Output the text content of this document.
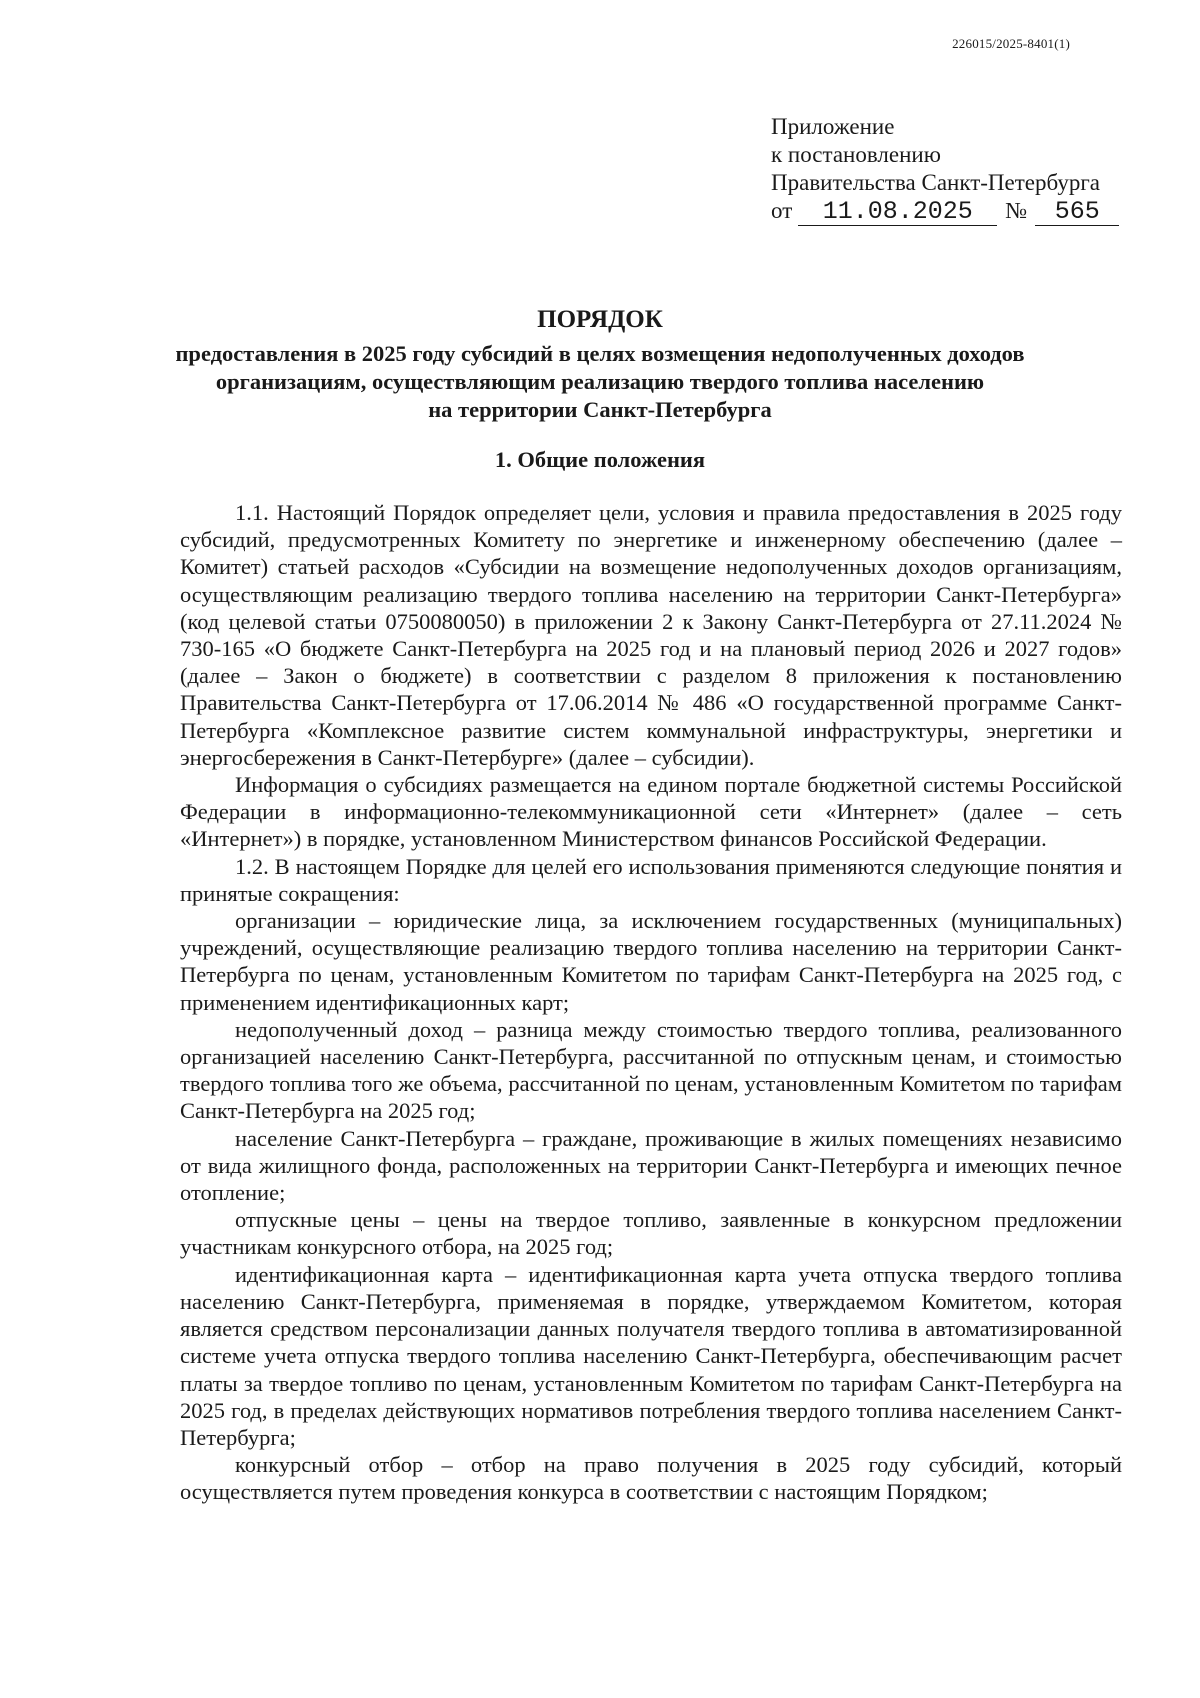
226015/2025-8401(1)
Приложение
к постановлению
Правительства Санкт-Петербурга
от	11.08.2025	№	565
ПОРЯДОК
предоставления в 2025 году субсидий в целях возмещения недополученных доходов
организациям, осуществляющим реализацию твердого топлива населению
на территории Санкт-Петербурга
1. Общие положения

1.1. Настоящий Порядок определяет цели, условия и правила предоставления в 2025 году субсидий, предусмотренных Комитету по энергетике и инженерному обеспечению (далее – Комитет) статьей расходов «Субсидии на возмещение недополученных доходов организациям, осуществляющим реализацию твердого топлива населению на территории Санкт-Петербурга» (код целевой статьи 0750080050) в приложении 2 к Закону Санкт-Петербурга от 27.11.2024 № 730-165 «О бюджете Санкт-Петербурга на 2025 год и на плановый период 2026 и 2027 годов» (далее – Закон о бюджете) в соответствии с разделом 8 приложения к постановлению Правительства Санкт-Петербурга от 17.06.2014 № 486 «О государственной программе Санкт-Петербурга «Комплексное развитие систем коммунальной инфраструктуры, энергетики и энергосбережения в Санкт-Петербурге» (далее – субсидии).

Информация о субсидиях размещается на едином портале бюджетной системы Российской Федерации в информационно-телекоммуникационной сети «Интернет» (далее – сеть «Интернет») в порядке, установленном Министерством финансов Российской Федерации.

1.2. В настоящем Порядке для целей его использования применяются следующие понятия и принятые сокращения:

организации – юридические лица, за исключением государственных (муниципальных) учреждений, осуществляющие реализацию твердого топлива населению на территории Санкт-Петербурга по ценам, установленным Комитетом по тарифам Санкт-Петербурга на 2025 год, с применением идентификационных карт;

недополученный доход – разница между стоимостью твердого топлива, реализованного организацией населению Санкт-Петербурга, рассчитанной по отпускным ценам, и стоимостью твердого топлива того же объема, рассчитанной по ценам, установленным Комитетом по тарифам Санкт-Петербурга на 2025 год;

население Санкт-Петербурга – граждане, проживающие в жилых помещениях независимо от вида жилищного фонда, расположенных на территории Санкт-Петербурга и имеющих печное отопление;

отпускные цены – цены на твердое топливо, заявленные в конкурсном предложении участникам конкурсного отбора, на 2025 год;

идентификационная карта – идентификационная карта учета отпуска твердого топлива населению Санкт-Петербурга, применяемая в порядке, утверждаемом Комитетом, которая является средством персонализации данных получателя твердого топлива в автоматизированной системе учета отпуска твердого топлива населению Санкт-Петербурга, обеспечивающим расчет платы за твердое топливо по ценам, установленным Комитетом по тарифам Санкт-Петербурга на 2025 год, в пределах действующих нормативов потребления твердого топлива населением Санкт-Петербурга;

конкурсный отбор – отбор на право получения в 2025 году субсидий, который осуществляется путем проведения конкурса в соответствии с настоящим Порядком;
